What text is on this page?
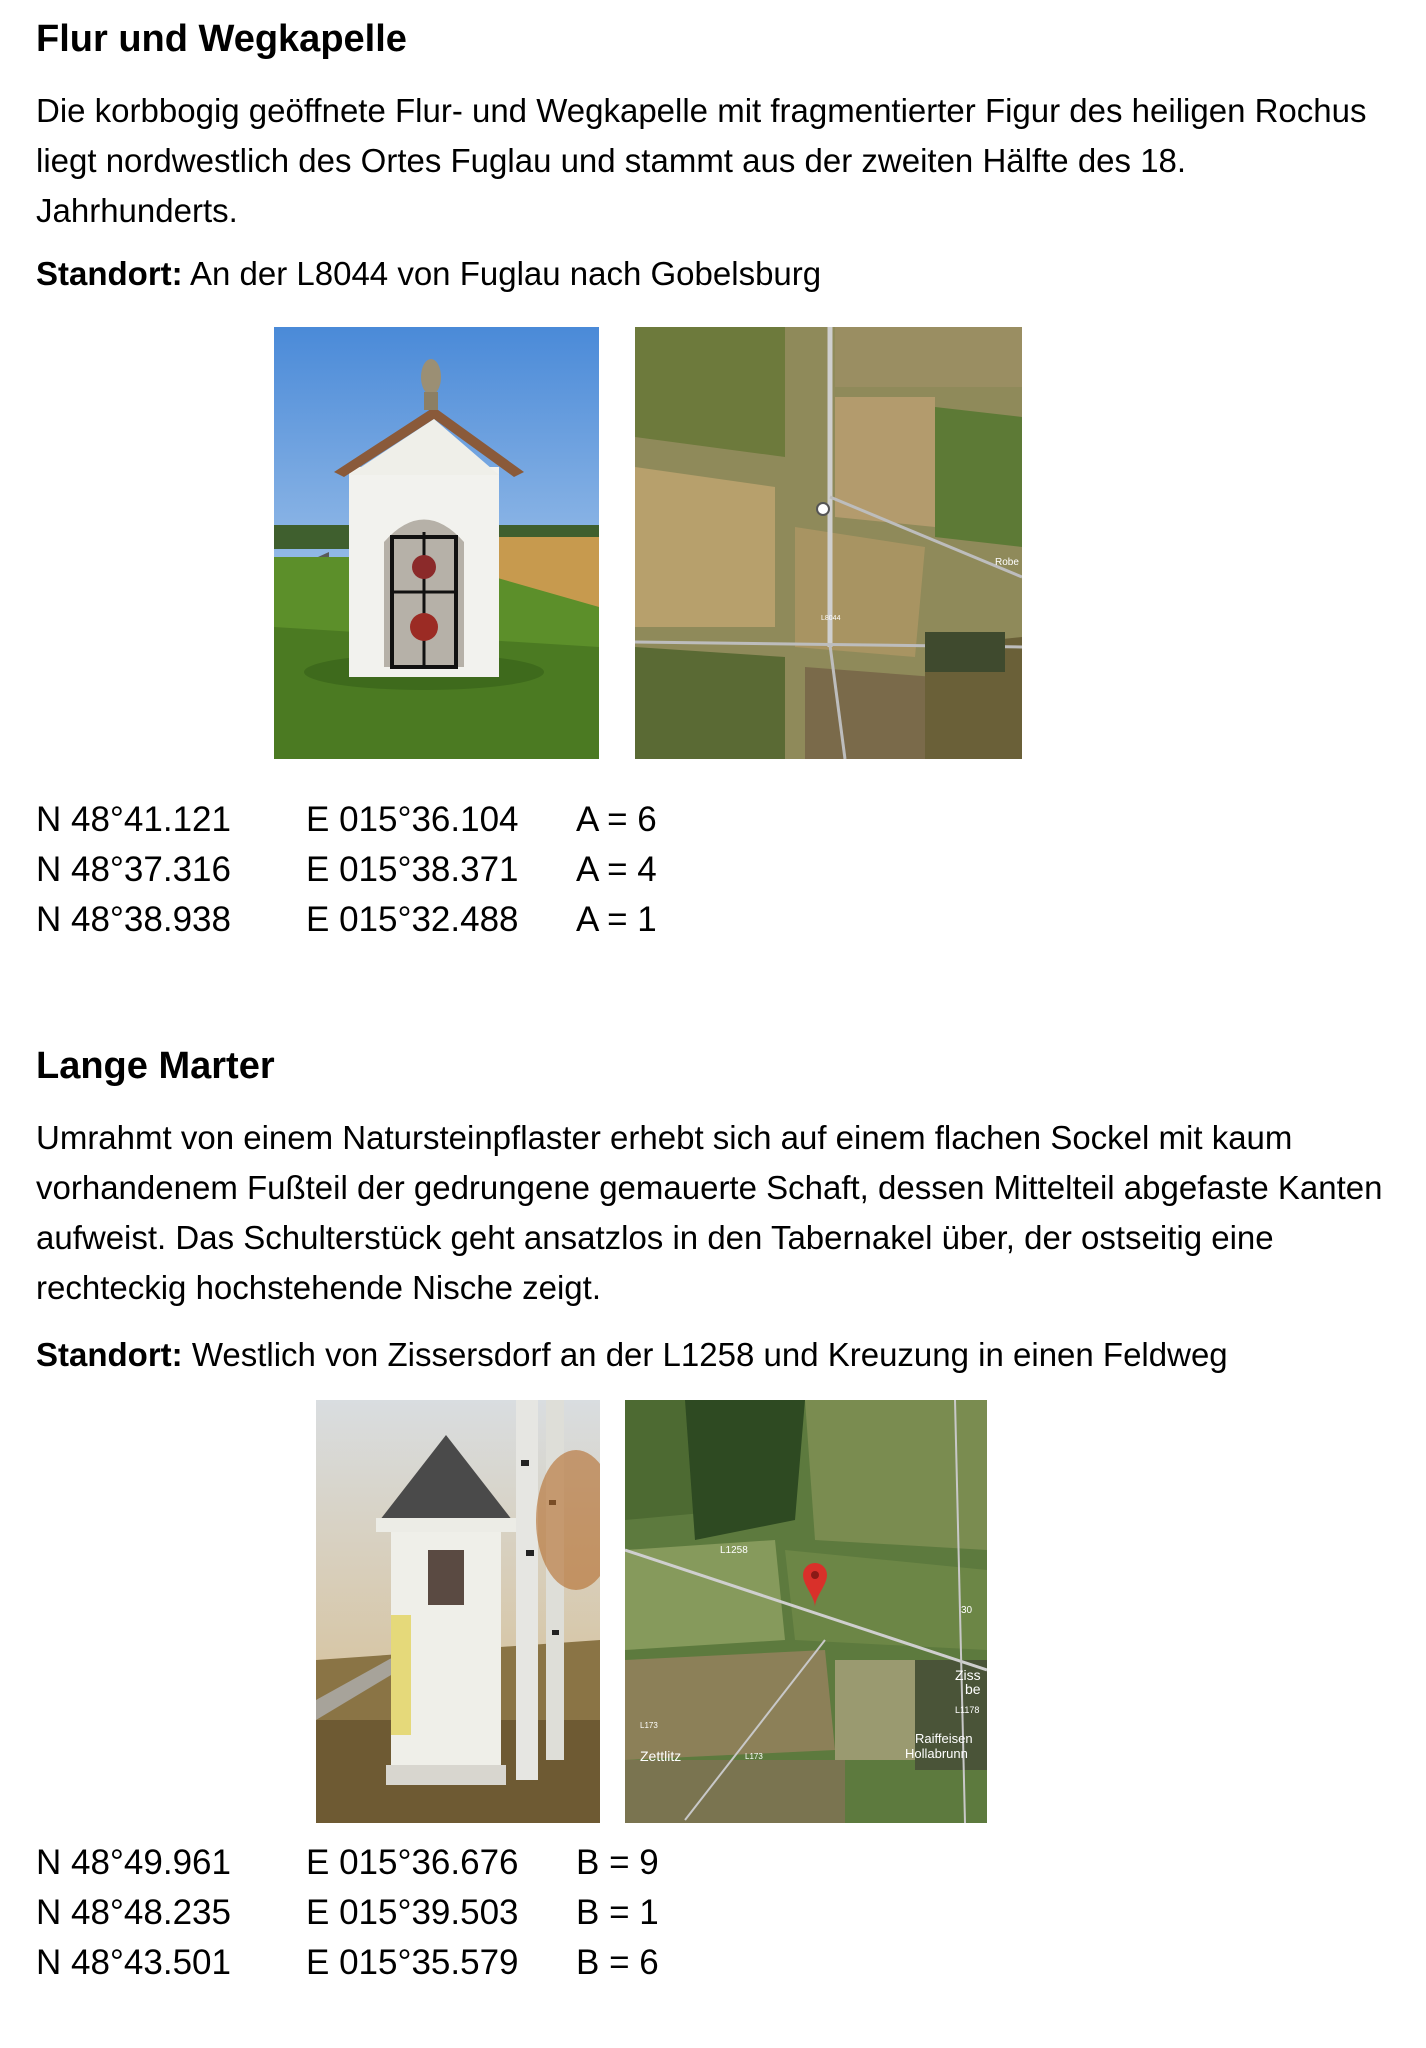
Flur und Wegkapelle

Die korbbogig geöffnete Flur- und Wegkapelle mit fragmentierter Figur des heiligen Rochus liegt nordwestlich des Ortes Fuglau und stammt aus der zweiten Hälfte des 18. Jahrhunderts.

Standort: An der L8044 von Fuglau nach Gobelsburg

Robe
L8044
N 48°41.121 E 015°36.104 A = 6
N 48°37.316 E 015°38.371 A = 4
N 48°38.938 E 015°32.488 A = 1
Lange Marter

Umrahmt von einem Natursteinpflaster erhebt sich auf einem flachen Sockel mit kaum vorhandenem Fußteil der gedrungene gemauerte Schaft, dessen Mittelteil abgefaste Kanten aufweist. Das Schulterstück geht ansatzlos in den Tabernakel über, der ostseitig eine rechteckig hochstehende Nische zeigt.

Standort: Westlich von Zissersdorf an der L1258 und Kreuzung in einen Feldweg

L1258
30
Ziss
be
L1178
Raiffeisen
Hollabrunn
L173
Zettlitz	L173
N 48°49.961 E 015°36.676 B = 9
N 48°48.235 E 015°39.503 B = 1
N 48°43.501 E 015°35.579 B = 6
